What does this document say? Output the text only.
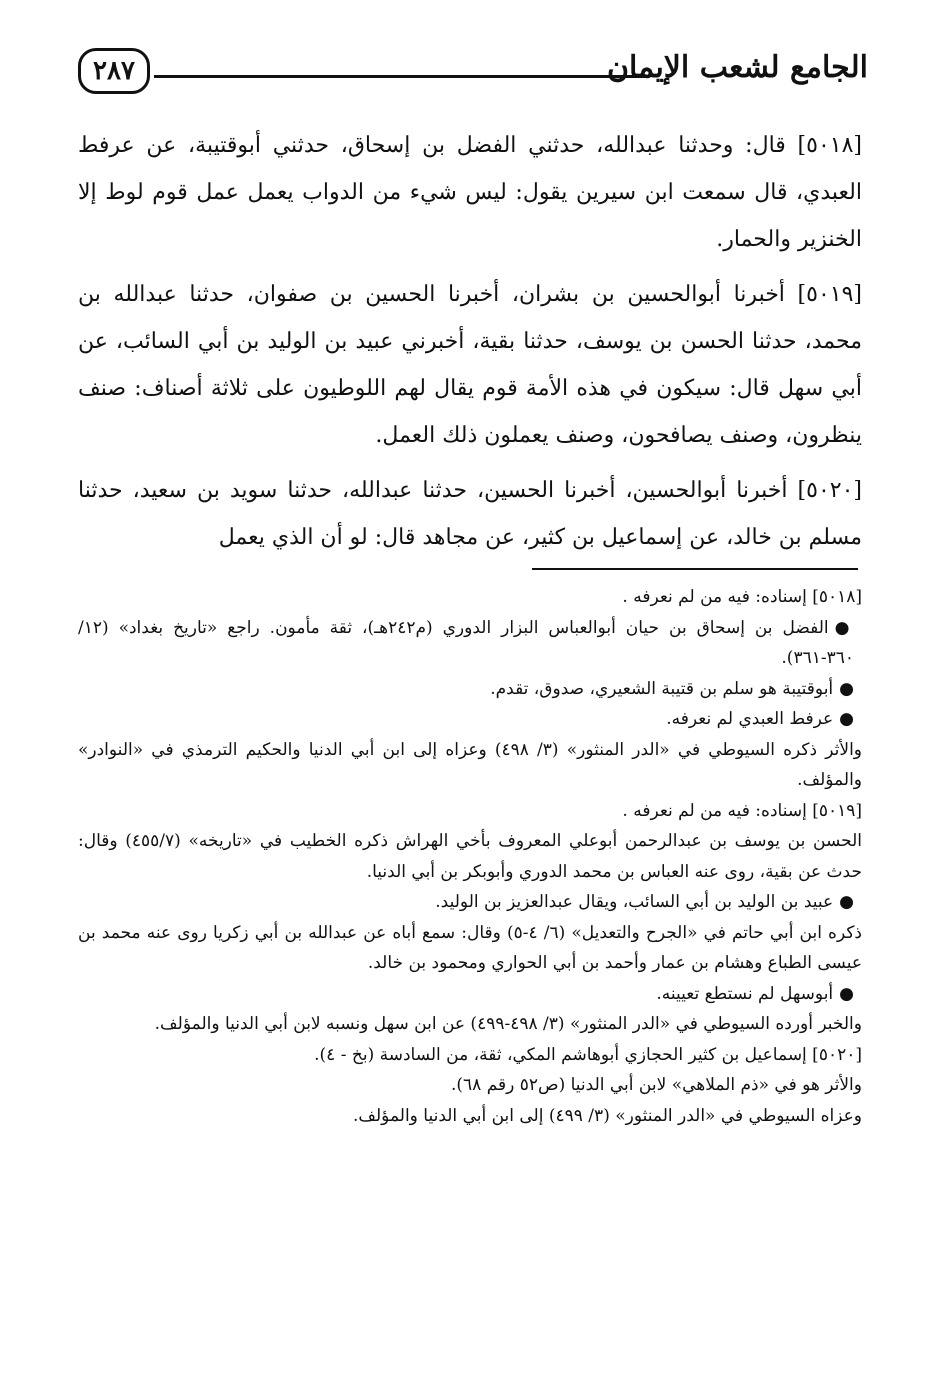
الجامع لشعب الإيمان
٢٨٧

[٥٠١٨] قال: وحدثنا عبدالله، حدثني الفضل بن إسحاق، حدثني أبوقتيبة، عن عرفط العبدي، قال سمعت ابن سيرين يقول: ليس شيء من الدواب يعمل عمل قوم لوط إلا الخنزير والحمار.

[٥٠١٩] أخبرنا أبوالحسين بن بشران، أخبرنا الحسين بن صفوان، حدثنا عبدالله بن محمد، حدثنا الحسن بن يوسف، حدثنا بقية، أخبرني عبيد بن الوليد بن أبي السائب، عن أبي سهل قال: سيكون في هذه الأمة قوم يقال لهم اللوطيون على ثلاثة أصناف: صنف ينظرون، وصنف يصافحون، وصنف يعملون ذلك العمل.

[٥٠٢٠] أخبرنا أبوالحسين، أخبرنا الحسين، حدثنا عبدالله، حدثنا سويد بن سعيد، حدثنا مسلم بن خالد، عن إسماعيل بن كثير، عن مجاهد قال: لو أن الذي يعمل

[٥٠١٨] إسناده: فيه من لم نعرفه .

●الفضل بن إسحاق بن حيان أبوالعباس البزار الدوري (م٢٤٢هـ)، ثقة مأمون. راجع «تاريخ بغداد» (١٢/ ٣٦٠-٣٦١).

●أبوقتيبة هو سلم بن قتيبة الشعيري، صدوق، تقدم.

●عرفط العبدي لم نعرفه.

والأثر ذكره السيوطي في «الدر المنثور» (٣/ ٤٩٨) وعزاه إلى ابن أبي الدنيا والحكيم الترمذي في «النوادر» والمؤلف.

[٥٠١٩] إسناده: فيه من لم نعرفه .

الحسن بن يوسف بن عبدالرحمن أبوعلي المعروف بأخي الهراش ذكره الخطيب في «تاريخه» (٤٥٥/٧) وقال: حدث عن بقية، روى عنه العباس بن محمد الدوري وأبوبكر بن أبي الدنيا.

●عبيد بن الوليد بن أبي السائب، ويقال عبدالعزيز بن الوليد.

ذكره ابن أبي حاتم في «الجرح والتعديل» (٦/ ٤-٥) وقال: سمع أباه عن عبدالله بن أبي زكريا روى عنه محمد بن عيسى الطباع وهشام بن عمار وأحمد بن أبي الحواري ومحمود بن خالد.

●أبوسهل لم نستطع تعيينه.

والخبر أورده السيوطي في «الدر المنثور» (٣/ ٤٩٨-٤٩٩) عن ابن سهل ونسبه لابن أبي الدنيا والمؤلف.

[٥٠٢٠] إسماعيل بن كثير الحجازي أبوهاشم المكي، ثقة، من السادسة (بخ - ٤).

والأثر هو في «ذم الملاهي» لابن أبي الدنيا (ص٥٢ رقم ٦٨).

وعزاه السيوطي في «الدر المنثور» (٣/ ٤٩٩) إلى ابن أبي الدنيا والمؤلف.
